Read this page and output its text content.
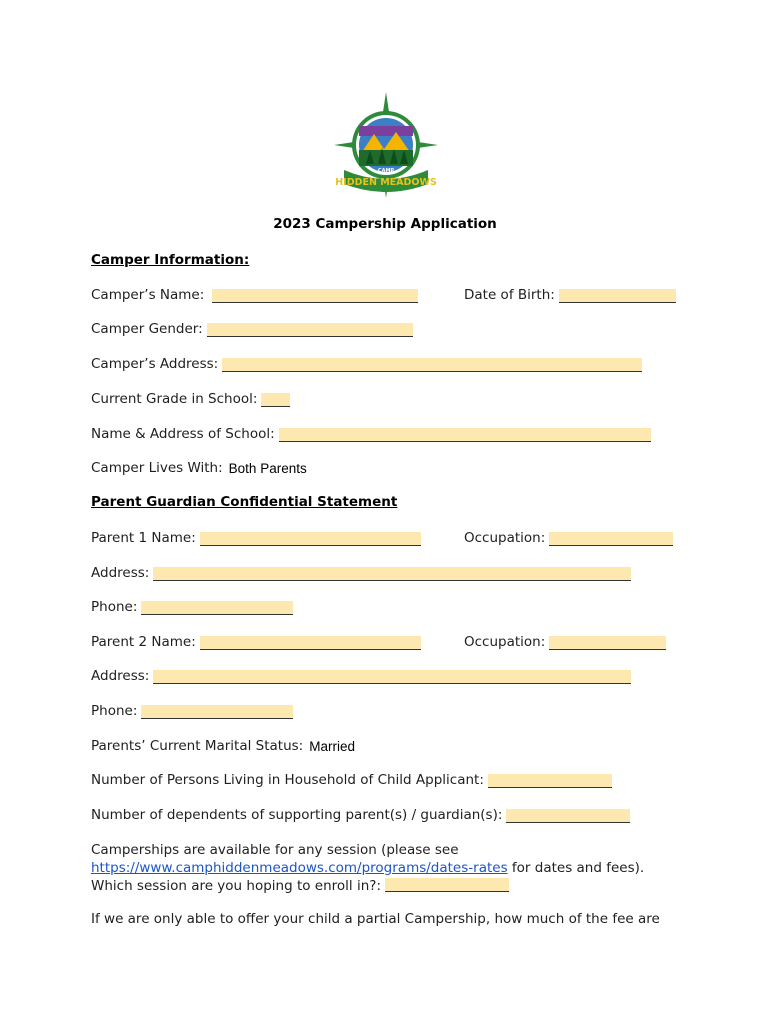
HIDDEN MEADOWS
CAMP
2023 Campership Application
Camper Information:
Camper’s Name:	Date of Birth:
Camper Gender:
Camper’s Address:
Current Grade in School:
Name & Address of School:
Camper Lives With: Both Parents
Parent Guardian Confidential Statement
Parent 1 Name:	Occupation:
Address:
Phone:
Parent 2 Name:	Occupation:
Address:
Phone:
Parents’ Current Marital Status: Married
Number of Persons Living in Household of Child Applicant:
Number of dependents of supporting parent(s) / guardian(s):
Camperships are available for any session (please see
https://www.camphiddenmeadows.com/programs/dates-rates for dates and fees).
Which session are you hoping to enroll in?:
If we are only able to offer your child a partial Campership, how much of the fee are
